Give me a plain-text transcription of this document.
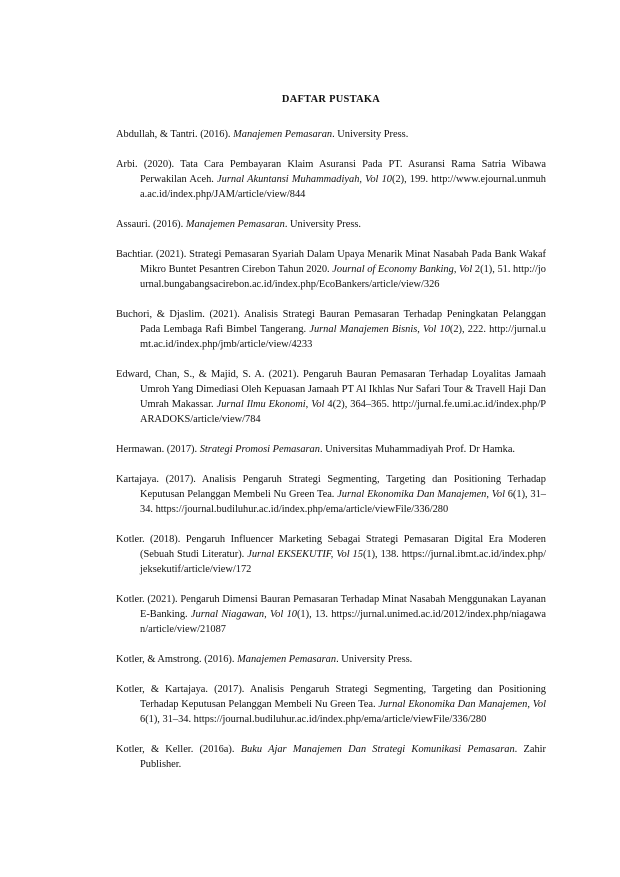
DAFTAR PUSTAKA

Abdullah, & Tantri. (2016). Manajemen Pemasaran. University Press.

Arbi. (2020). Tata Cara Pembayaran Klaim Asuransi Pada PT. Asuransi Rama Satria Wibawa Perwakilan Aceh. Jurnal Akuntansi Muhammadiyah, Vol 10(2), 199. http://www.ejournal.unmuha.ac.id/index.php/JAM/article/view/844

Assauri. (2016). Manajemen Pemasaran. University Press.

Bachtiar. (2021). Strategi Pemasaran Syariah Dalam Upaya Menarik Minat Nasabah Pada Bank Wakaf Mikro Buntet Pesantren Cirebon Tahun 2020. Journal of Economy Banking, Vol 2(1), 51. http://journal.bungabangsacirebon.ac.id/index.php/EcoBankers/article/view/326

Buchori, & Djaslim. (2021). Analisis Strategi Bauran Pemasaran Terhadap Peningkatan Pelanggan Pada Lembaga Rafi Bimbel Tangerang. Jurnal Manajemen Bisnis, Vol 10(2), 222. http://jurnal.umt.ac.id/index.php/jmb/article/view/4233

Edward, Chan, S., & Majid, S. A. (2021). Pengaruh Bauran Pemasaran Terhadap Loyalitas Jamaah Umroh Yang Dimediasi Oleh Kepuasan Jamaah PT Al Ikhlas Nur Safari Tour & Travell Haji Dan Umrah Makassar. Jurnal Ilmu Ekonomi, Vol 4(2), 364–365. http://jurnal.fe.umi.ac.id/index.php/PARADOKS/article/view/784

Hermawan. (2017). Strategi Promosi Pemasaran. Universitas Muhammadiyah Prof. Dr Hamka.

Kartajaya. (2017). Analisis Pengaruh Strategi Segmenting, Targeting dan Positioning Terhadap Keputusan Pelanggan Membeli Nu Green Tea. Jurnal Ekonomika Dan Manajemen, Vol 6(1), 31–34. https://journal.budiluhur.ac.id/index.php/ema/article/viewFile/336/280

Kotler. (2018). Pengaruh Influencer Marketing Sebagai Strategi Pemasaran Digital Era Moderen (Sebuah Studi Literatur). Jurnal EKSEKUTIF, Vol 15(1), 138. https://jurnal.ibmt.ac.id/index.php/jeksekutif/article/view/172

Kotler. (2021). Pengaruh Dimensi Bauran Pemasaran Terhadap Minat Nasabah Menggunakan Layanan E-Banking. Jurnal Niagawan, Vol 10(1), 13. https://jurnal.unimed.ac.id/2012/index.php/niagawan/article/view/21087

Kotler, & Amstrong. (2016). Manajemen Pemasaran. University Press.

Kotler, & Kartajaya. (2017). Analisis Pengaruh Strategi Segmenting, Targeting dan Positioning Terhadap Keputusan Pelanggan Membeli Nu Green Tea. Jurnal Ekonomika Dan Manajemen, Vol 6(1), 31–34. https://journal.budiluhur.ac.id/index.php/ema/article/viewFile/336/280

Kotler, & Keller. (2016a). Buku Ajar Manajemen Dan Strategi Komunikasi Pemasaran. Zahir Publisher.
